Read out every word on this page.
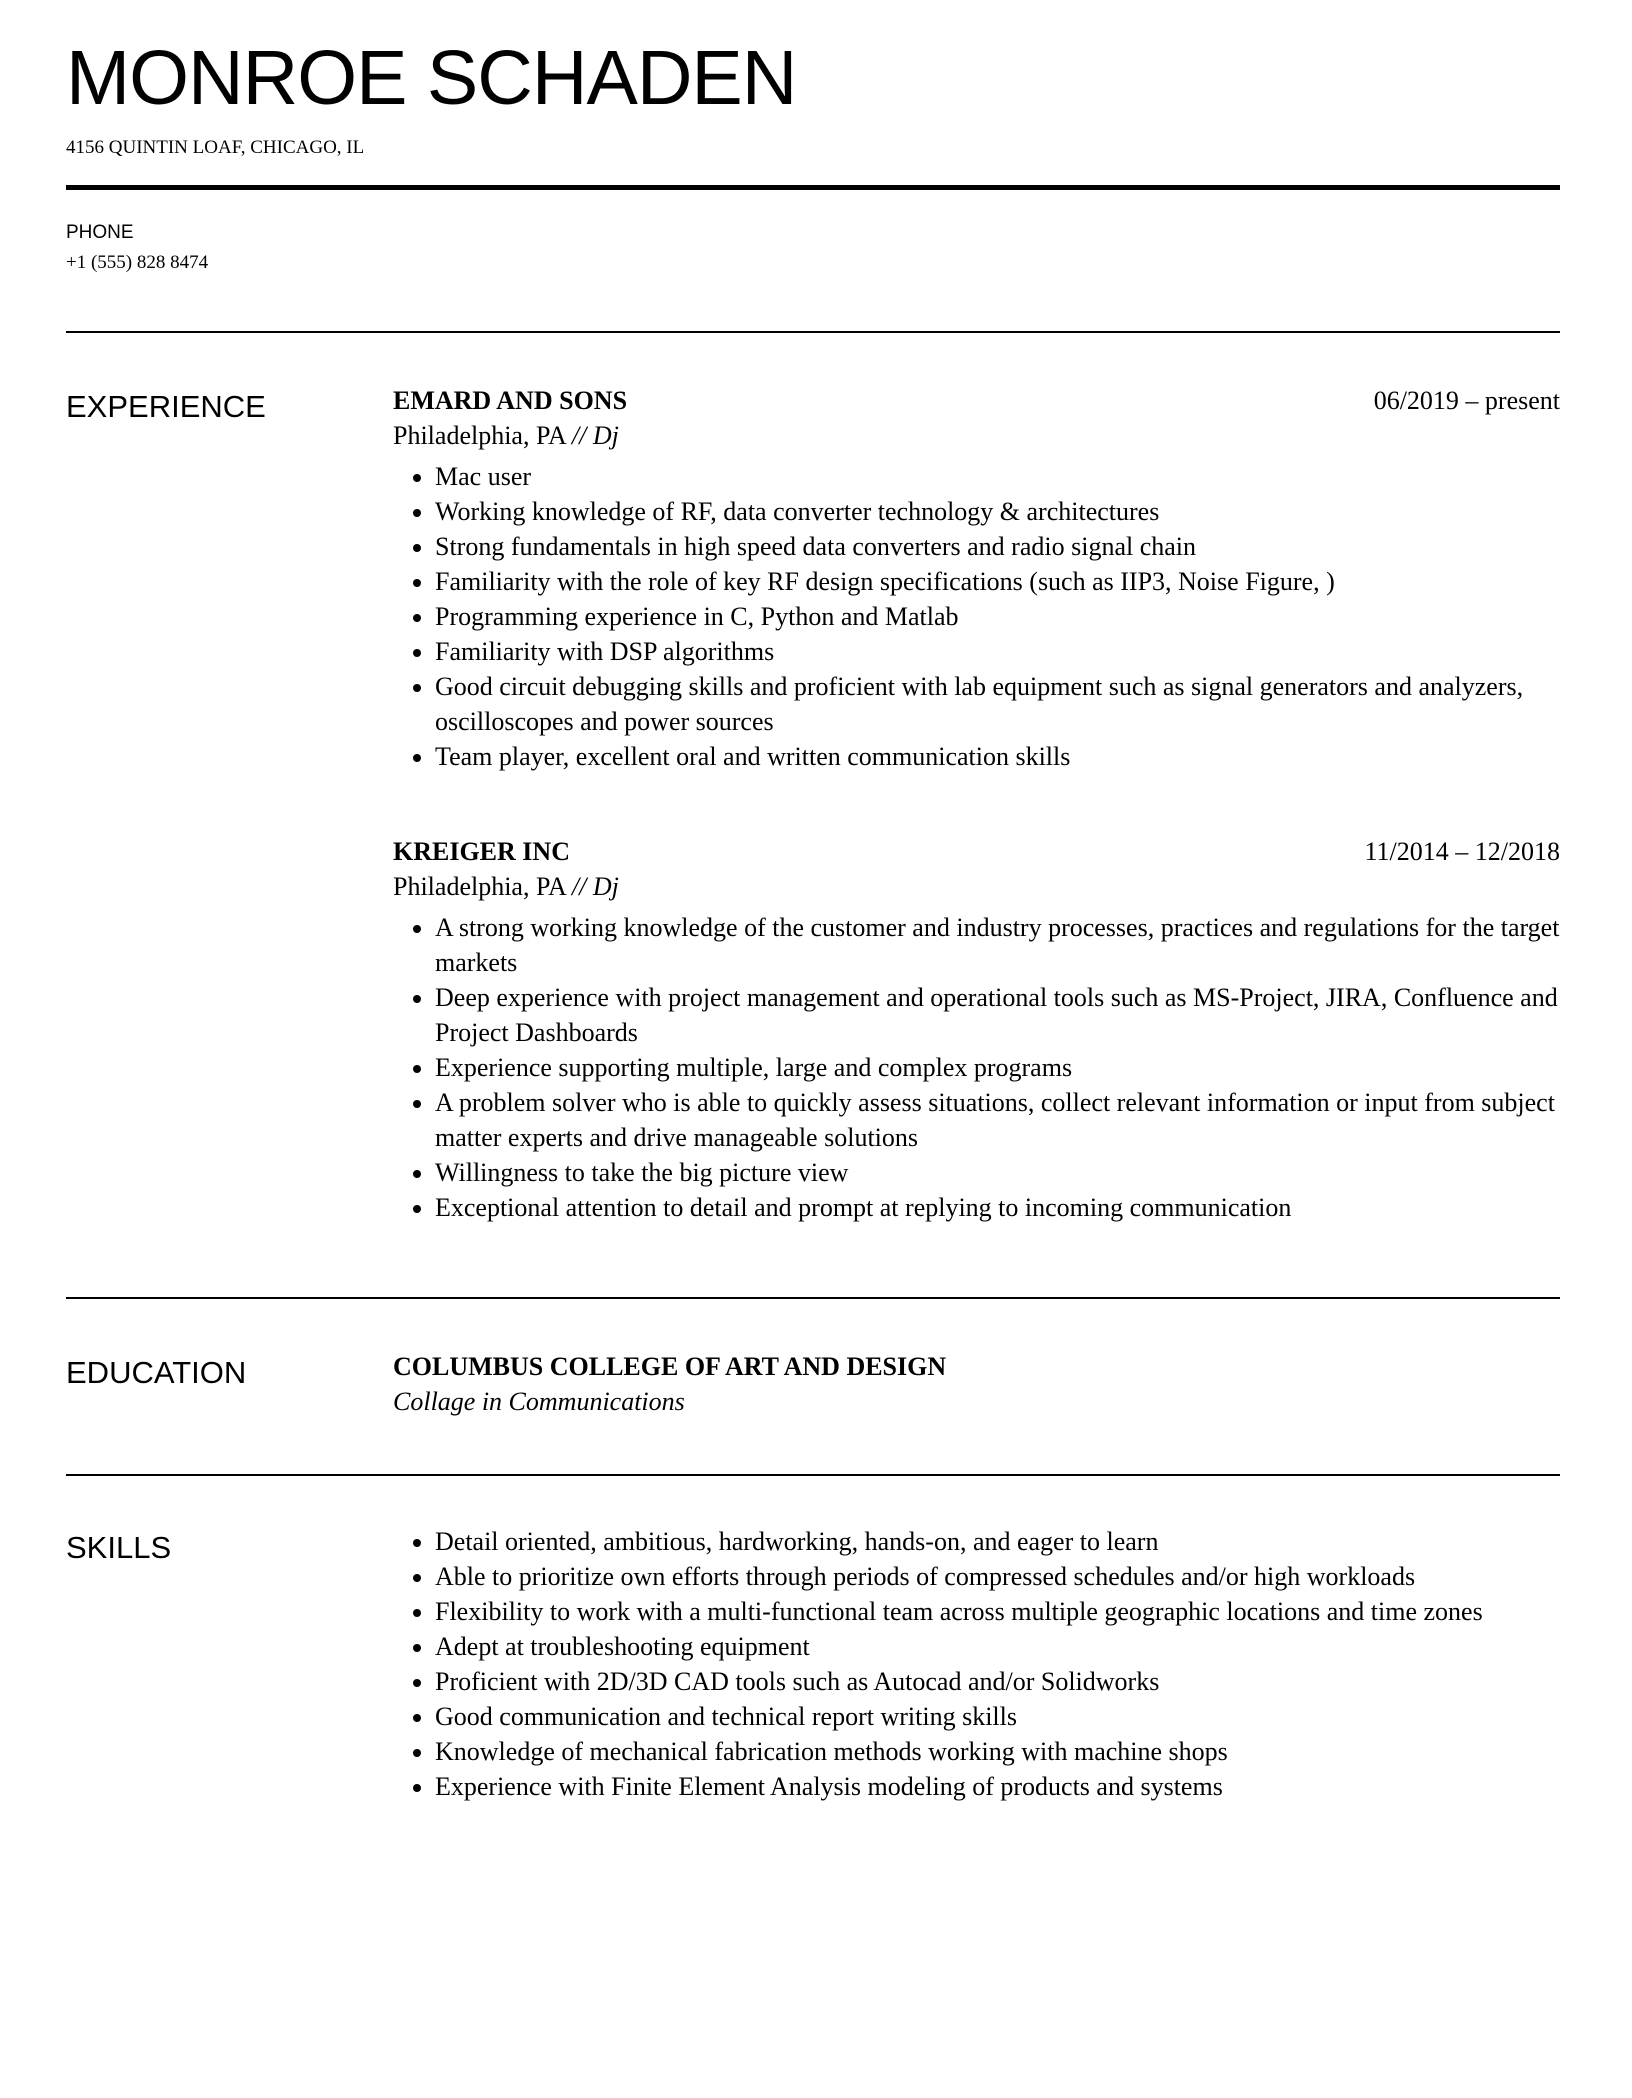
MONROE SCHADEN
4156 QUINTIN LOAF, CHICAGO, IL
PHONE
+1 (555) 828 8474
EXPERIENCE	EMARD AND SONS	06/2019 – present
Philadelphia, PA // Dj
• Mac user
• Working knowledge of RF, data converter technology & architectures
• Strong fundamentals in high speed data converters and radio signal chain
• Familiarity with the role of key RF design specifications (such as IIP3, Noise Figure, )
• Programming experience in C, Python and Matlab
• Familiarity with DSP algorithms
• Good circuit debugging skills and proficient with lab equipment such as signal generators and analyzers, oscilloscopes and power sources
• Team player, excellent oral and written communication skills
KREIGER INC	11/2014 – 12/2018
Philadelphia, PA // Dj
• A strong working knowledge of the customer and industry processes, practices and regulations for the target markets
• Deep experience with project management and operational tools such as MS-Project, JIRA, Confluence and Project Dashboards
• Experience supporting multiple, large and complex programs
• A problem solver who is able to quickly assess situations, collect relevant information or input from subject matter experts and drive manageable solutions
• Willingness to take the big picture view
• Exceptional attention to detail and prompt at replying to incoming communication
EDUCATION	COLUMBUS COLLEGE OF ART AND DESIGN
Collage in Communications
SKILLS	• Detail oriented, ambitious, hardworking, hands-on, and eager to learn
• Able to prioritize own efforts through periods of compressed schedules and/or high workloads
• Flexibility to work with a multi-functional team across multiple geographic locations and time zones
• Adept at troubleshooting equipment
• Proficient with 2D/3D CAD tools such as Autocad and/or Solidworks
• Good communication and technical report writing skills
• Knowledge of mechanical fabrication methods working with machine shops
• Experience with Finite Element Analysis modeling of products and systems
